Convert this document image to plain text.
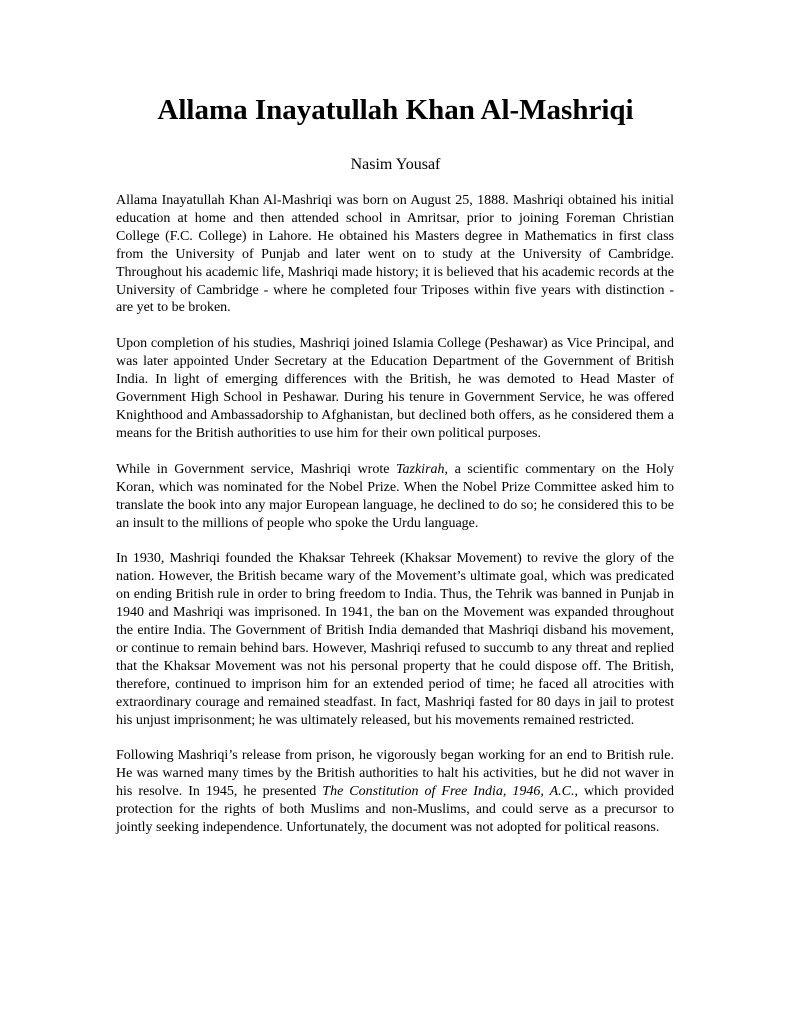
Allama Inayatullah Khan Al-Mashriqi
Nasim Yousaf

Allama Inayatullah Khan Al-Mashriqi was born on August 25, 1888. Mashriqi obtained his initial education at home and then attended school in Amritsar, prior to joining Foreman Christian College (F.C. College) in Lahore. He obtained his Masters degree in Mathematics in first class from the University of Punjab and later went on to study at the University of Cambridge. Throughout his academic life, Mashriqi made history; it is believed that his academic records at the University of Cambridge - where he completed four Triposes within five years with distinction - are yet to be broken.

Upon completion of his studies, Mashriqi joined Islamia College (Peshawar) as Vice Principal, and was later appointed Under Secretary at the Education Department of the Government of British India. In light of emerging differences with the British, he was demoted to Head Master of Government High School in Peshawar. During his tenure in Government Service, he was offered Knighthood and Ambassadorship to Afghanistan, but declined both offers, as he considered them a means for the British authorities to use him for their own political purposes.

While in Government service, Mashriqi wrote Tazkirah, a scientific commentary on the Holy Koran, which was nominated for the Nobel Prize. When the Nobel Prize Committee asked him to translate the book into any major European language, he declined to do so; he considered this to be an insult to the millions of people who spoke the Urdu language.

In 1930, Mashriqi founded the Khaksar Tehreek (Khaksar Movement) to revive the glory of the nation. However, the British became wary of the Movement’s ultimate goal, which was predicated on ending British rule in order to bring freedom to India. Thus, the Tehrik was banned in Punjab in 1940 and Mashriqi was imprisoned. In 1941, the ban on the Movement was expanded throughout the entire India. The Government of British India demanded that Mashriqi disband his movement, or continue to remain behind bars. However, Mashriqi refused to succumb to any threat and replied that the Khaksar Movement was not his personal property that he could dispose off. The British, therefore, continued to imprison him for an extended period of time; he faced all atrocities with extraordinary courage and remained steadfast. In fact, Mashriqi fasted for 80 days in jail to protest his unjust imprisonment; he was ultimately released, but his movements remained restricted.

Following Mashriqi’s release from prison, he vigorously began working for an end to British rule. He was warned many times by the British authorities to halt his activities, but he did not waver in his resolve. In 1945, he presented The Constitution of Free India, 1946, A.C., which provided protection for the rights of both Muslims and non-Muslims, and could serve as a precursor to jointly seeking independence. Unfortunately, the document was not adopted for political reasons.
